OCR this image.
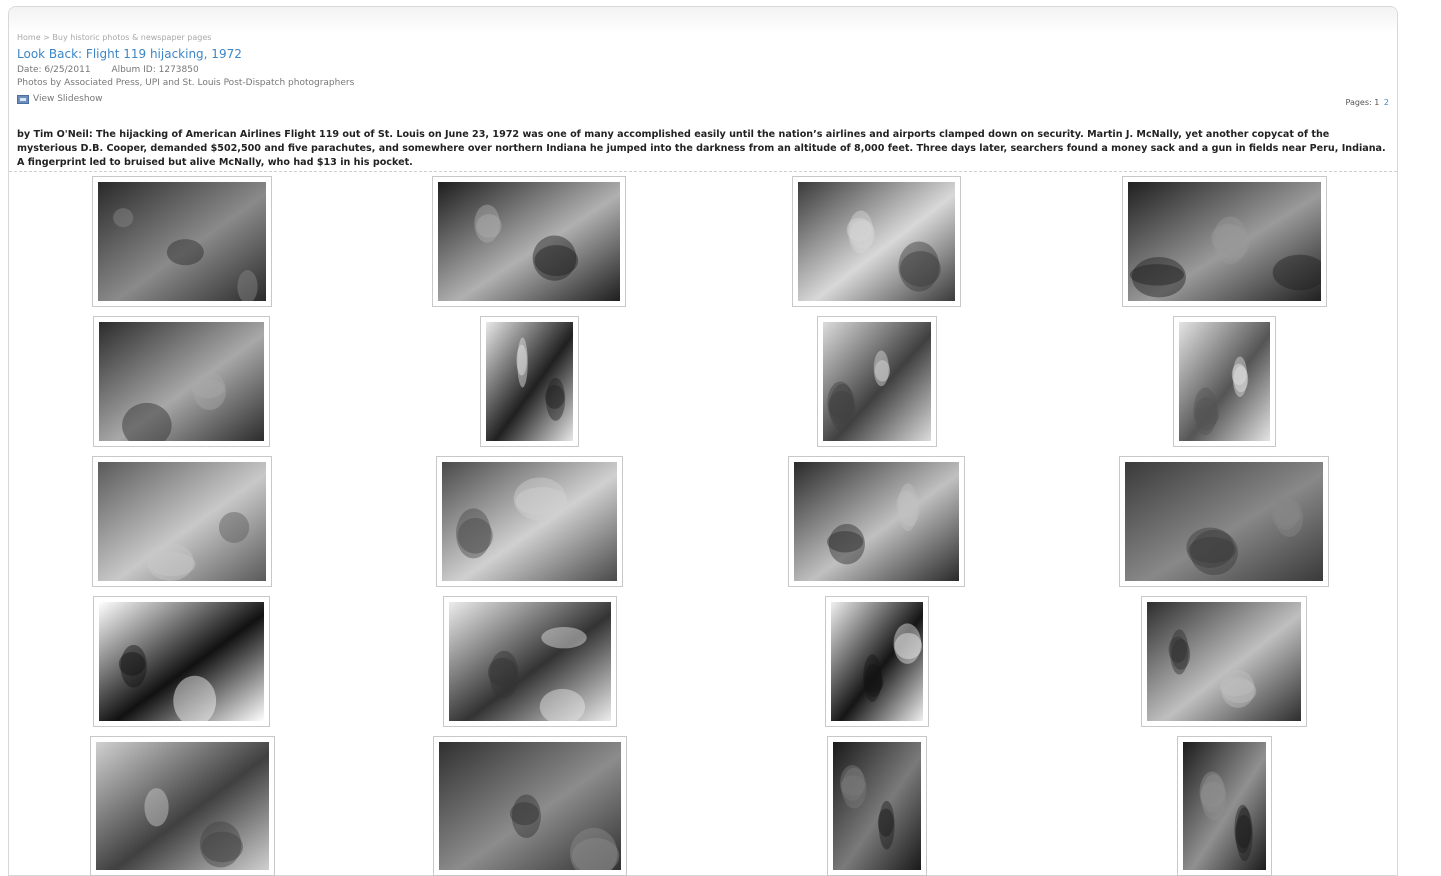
Home > Buy historic photos & newspaper pages
Look Back: Flight 119 hijacking, 1972
Date: 6/25/2011 Album ID: 1273850
Photos by Associated Press, UPI and St. Louis Post-Dispatch photographers
View Slideshow	Pages: 1 2
by Tim O'Neil: The hijacking of American Airlines Flight 119 out of St. Louis on June 23, 1972 was one of many accomplished easily until the nation’s airlines and airports clamped down on security. Martin J. McNally, yet another copycat of the mysterious D.B. Cooper, demanded $502,500 and five parachutes, and somewhere over northern Indiana he jumped into the darkness from an altitude of 8,000 feet. Three days later, searchers found a money sack and a gun in fields near Peru, Indiana. A fingerprint led to bruised but alive McNally, who had $13 in his pocket.
